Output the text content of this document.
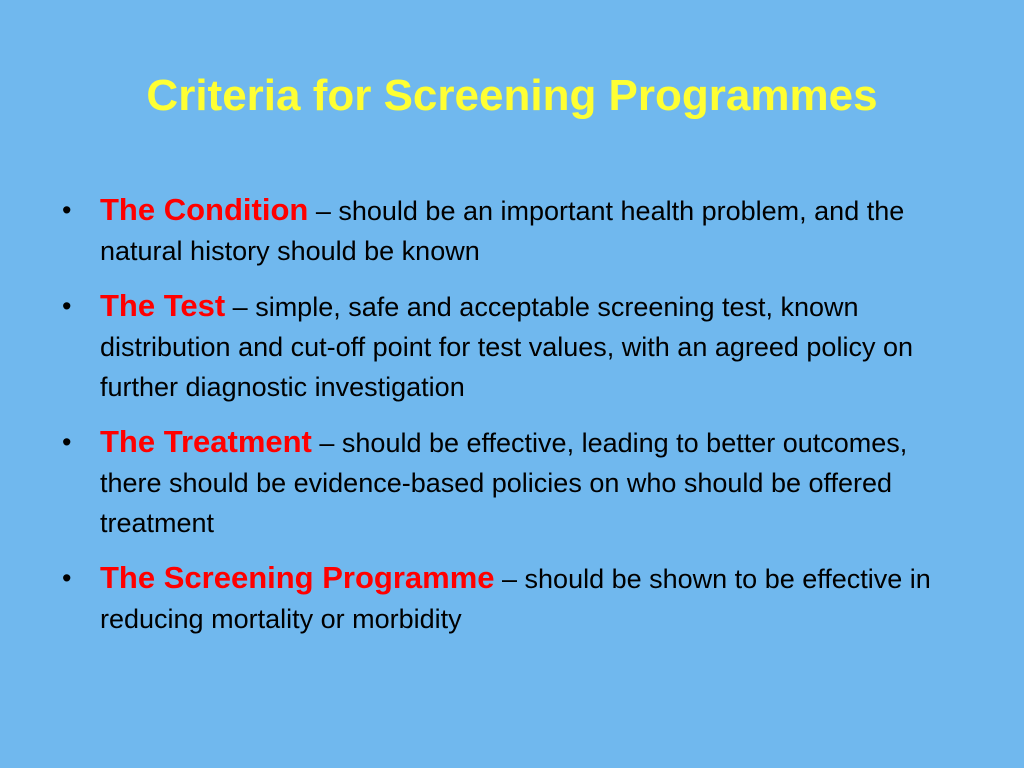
Criteria for Screening Programmes
• The Condition – should be an important health problem, and the natural history should be known
• The Test – simple, safe and acceptable screening test, known distribution and cut-off point for test values, with an agreed policy on further diagnostic investigation
• The Treatment – should be effective, leading to better outcomes, there should be evidence-based policies on who should be offered treatment
• The Screening Programme – should be shown to be effective in reducing mortality or morbidity
